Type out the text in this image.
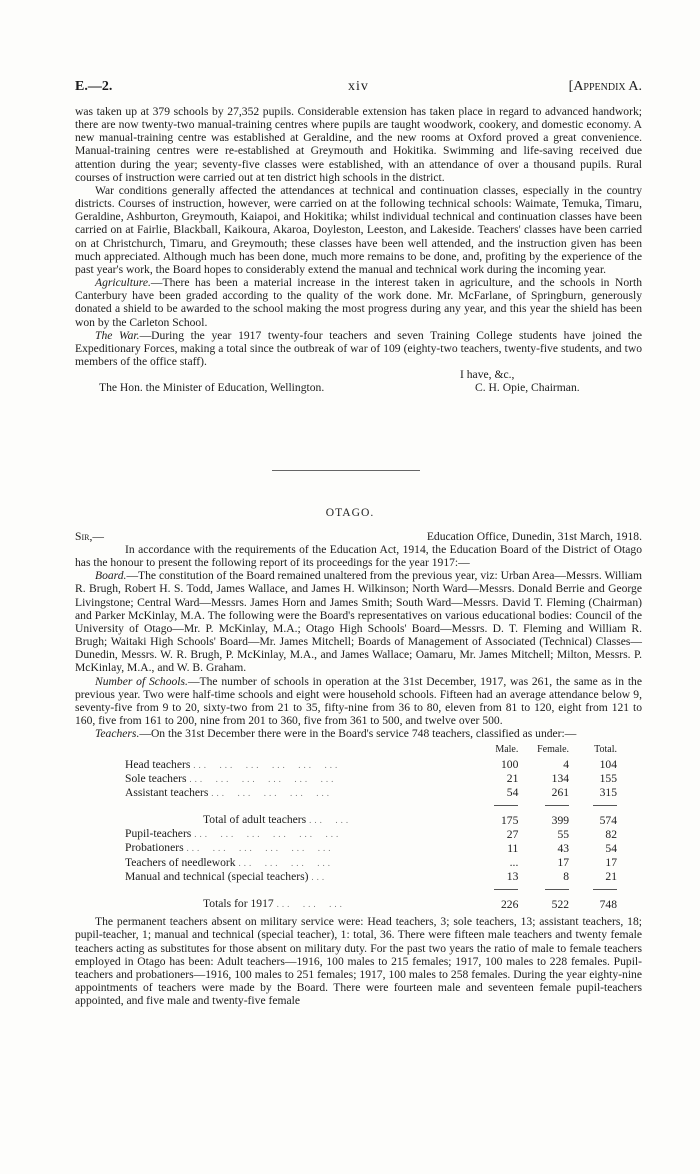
E.—2.	xiv	[Appendix A.

was taken up at 379 schools by 27,352 pupils. Considerable extension has taken place in regard to advanced handwork; there are now twenty-two manual-training centres where pupils are taught woodwork, cookery, and domestic economy. A new manual-training centre was established at Geraldine, and the new rooms at Oxford proved a great convenience. Manual-training centres were re-established at Greymouth and Hokitika. Swimming and life-saving received due attention during the year; seventy-five classes were established, with an attendance of over a thousand pupils. Rural courses of instruction were carried out at ten district high schools in the district.

War conditions generally affected the attendances at technical and continuation classes, especially in the country districts. Courses of instruction, however, were carried on at the following technical schools: Waimate, Temuka, Timaru, Geraldine, Ashburton, Greymouth, Kaiapoi, and Hokitika; whilst individual technical and continuation classes have been carried on at Fairlie, Blackball, Kaikoura, Akaroa, Doyleston, Leeston, and Lakeside. Teachers' classes have been carried on at Christchurch, Timaru, and Greymouth; these classes have been well attended, and the instruction given has been much appreciated. Although much has been done, much more remains to be done, and, profiting by the experience of the past year's work, the Board hopes to considerably extend the manual and technical work during the incoming year.

Agriculture.—There has been a material increase in the interest taken in agriculture, and the schools in North Canterbury have been graded according to the quality of the work done. Mr. McFarlane, of Springburn, generously donated a shield to be awarded to the school making the most progress during any year, and this year the shield has been won by the Carleton School.

The War.—During the year 1917 twenty-four teachers and seven Training College students have joined the Expeditionary Forces, making a total since the outbreak of war of 109 (eighty-two teachers, twenty-five students, and two members of the office staff).

I have, &c.,
The Hon. the Minister of Education, Wellington.	C. H. Opie, Chairman.
OTAGO.
Sir,—	Education Office, Dunedin, 31st March, 1918.

In accordance with the requirements of the Education Act, 1914, the Education Board of the District of Otago has the honour to present the following report of its proceedings for the year 1917:—

Board.—The constitution of the Board remained unaltered from the previous year, viz: Urban Area—Messrs. William R. Brugh, Robert H. S. Todd, James Wallace, and James H. Wilkinson; North Ward—Messrs. Donald Berrie and George Livingstone; Central Ward—Messrs. James Horn and James Smith; South Ward—Messrs. David T. Fleming (Chairman) and Parker McKinlay, M.A. The following were the Board's representatives on various educational bodies: Council of the University of Otago—Mr. P. McKinlay, M.A.; Otago High Schools' Board—Messrs. D. T. Fleming and William R. Brugh; Waitaki High Schools' Board—Mr. James Mitchell; Boards of Management of Associated (Technical) Classes—Dunedin, Messrs. W. R. Brugh, P. McKinlay, M.A., and James Wallace; Oamaru, Mr. James Mitchell; Milton, Messrs. P. McKinlay, M.A., and W. B. Graham.

Number of Schools.—The number of schools in operation at the 31st December, 1917, was 261, the same as in the previous year. Two were half-time schools and eight were household schools. Fifteen had an average attendance below 9, seventy-five from 9 to 20, sixty-two from 21 to 35, fifty-nine from 36 to 80, eleven from 81 to 120, eight from 121 to 160, five from 161 to 200, nine from 201 to 360, five from 361 to 500, and twelve over 500.

Teachers.—On the 31st December there were in the Board's service 748 teachers, classified as under:—

	Male.	Female.	Total.
Head teachers ...  ...  ...  ...  ...  ...	100	4	104
Sole teachers ...  ...  ...  ...  ...  ...	21	134	155
Assistant teachers ...  ...  ...  ...  ...	54	261	315

Total of adult teachers ...  ...	175	399	574
Pupil-teachers ...  ...  ...  ...  ...  ...	27	55	82
Probationers ...  ...  ...  ...  ...  ...	11	43	54
Teachers of needlework ...  ...  ...  ...	...	17	17
Manual and technical (special teachers) ...	13	8	21

Totals for 1917 ...  ...  ...	226	522	748

The permanent teachers absent on military service were: Head teachers, 3; sole teachers, 13; assistant teachers, 18; pupil-teacher, 1; manual and technical (special teacher), 1: total, 36. There were fifteen male teachers and twenty female teachers acting as substitutes for those absent on military duty. For the past two years the ratio of male to female teachers employed in Otago has been: Adult teachers—1916, 100 males to 215 females; 1917, 100 males to 228 females. Pupil-teachers and probationers—1916, 100 males to 251 females; 1917, 100 males to 258 females. During the year eighty-nine appointments of teachers were made by the Board. There were fourteen male and seventeen female pupil-teachers appointed, and five male and twenty-five female
